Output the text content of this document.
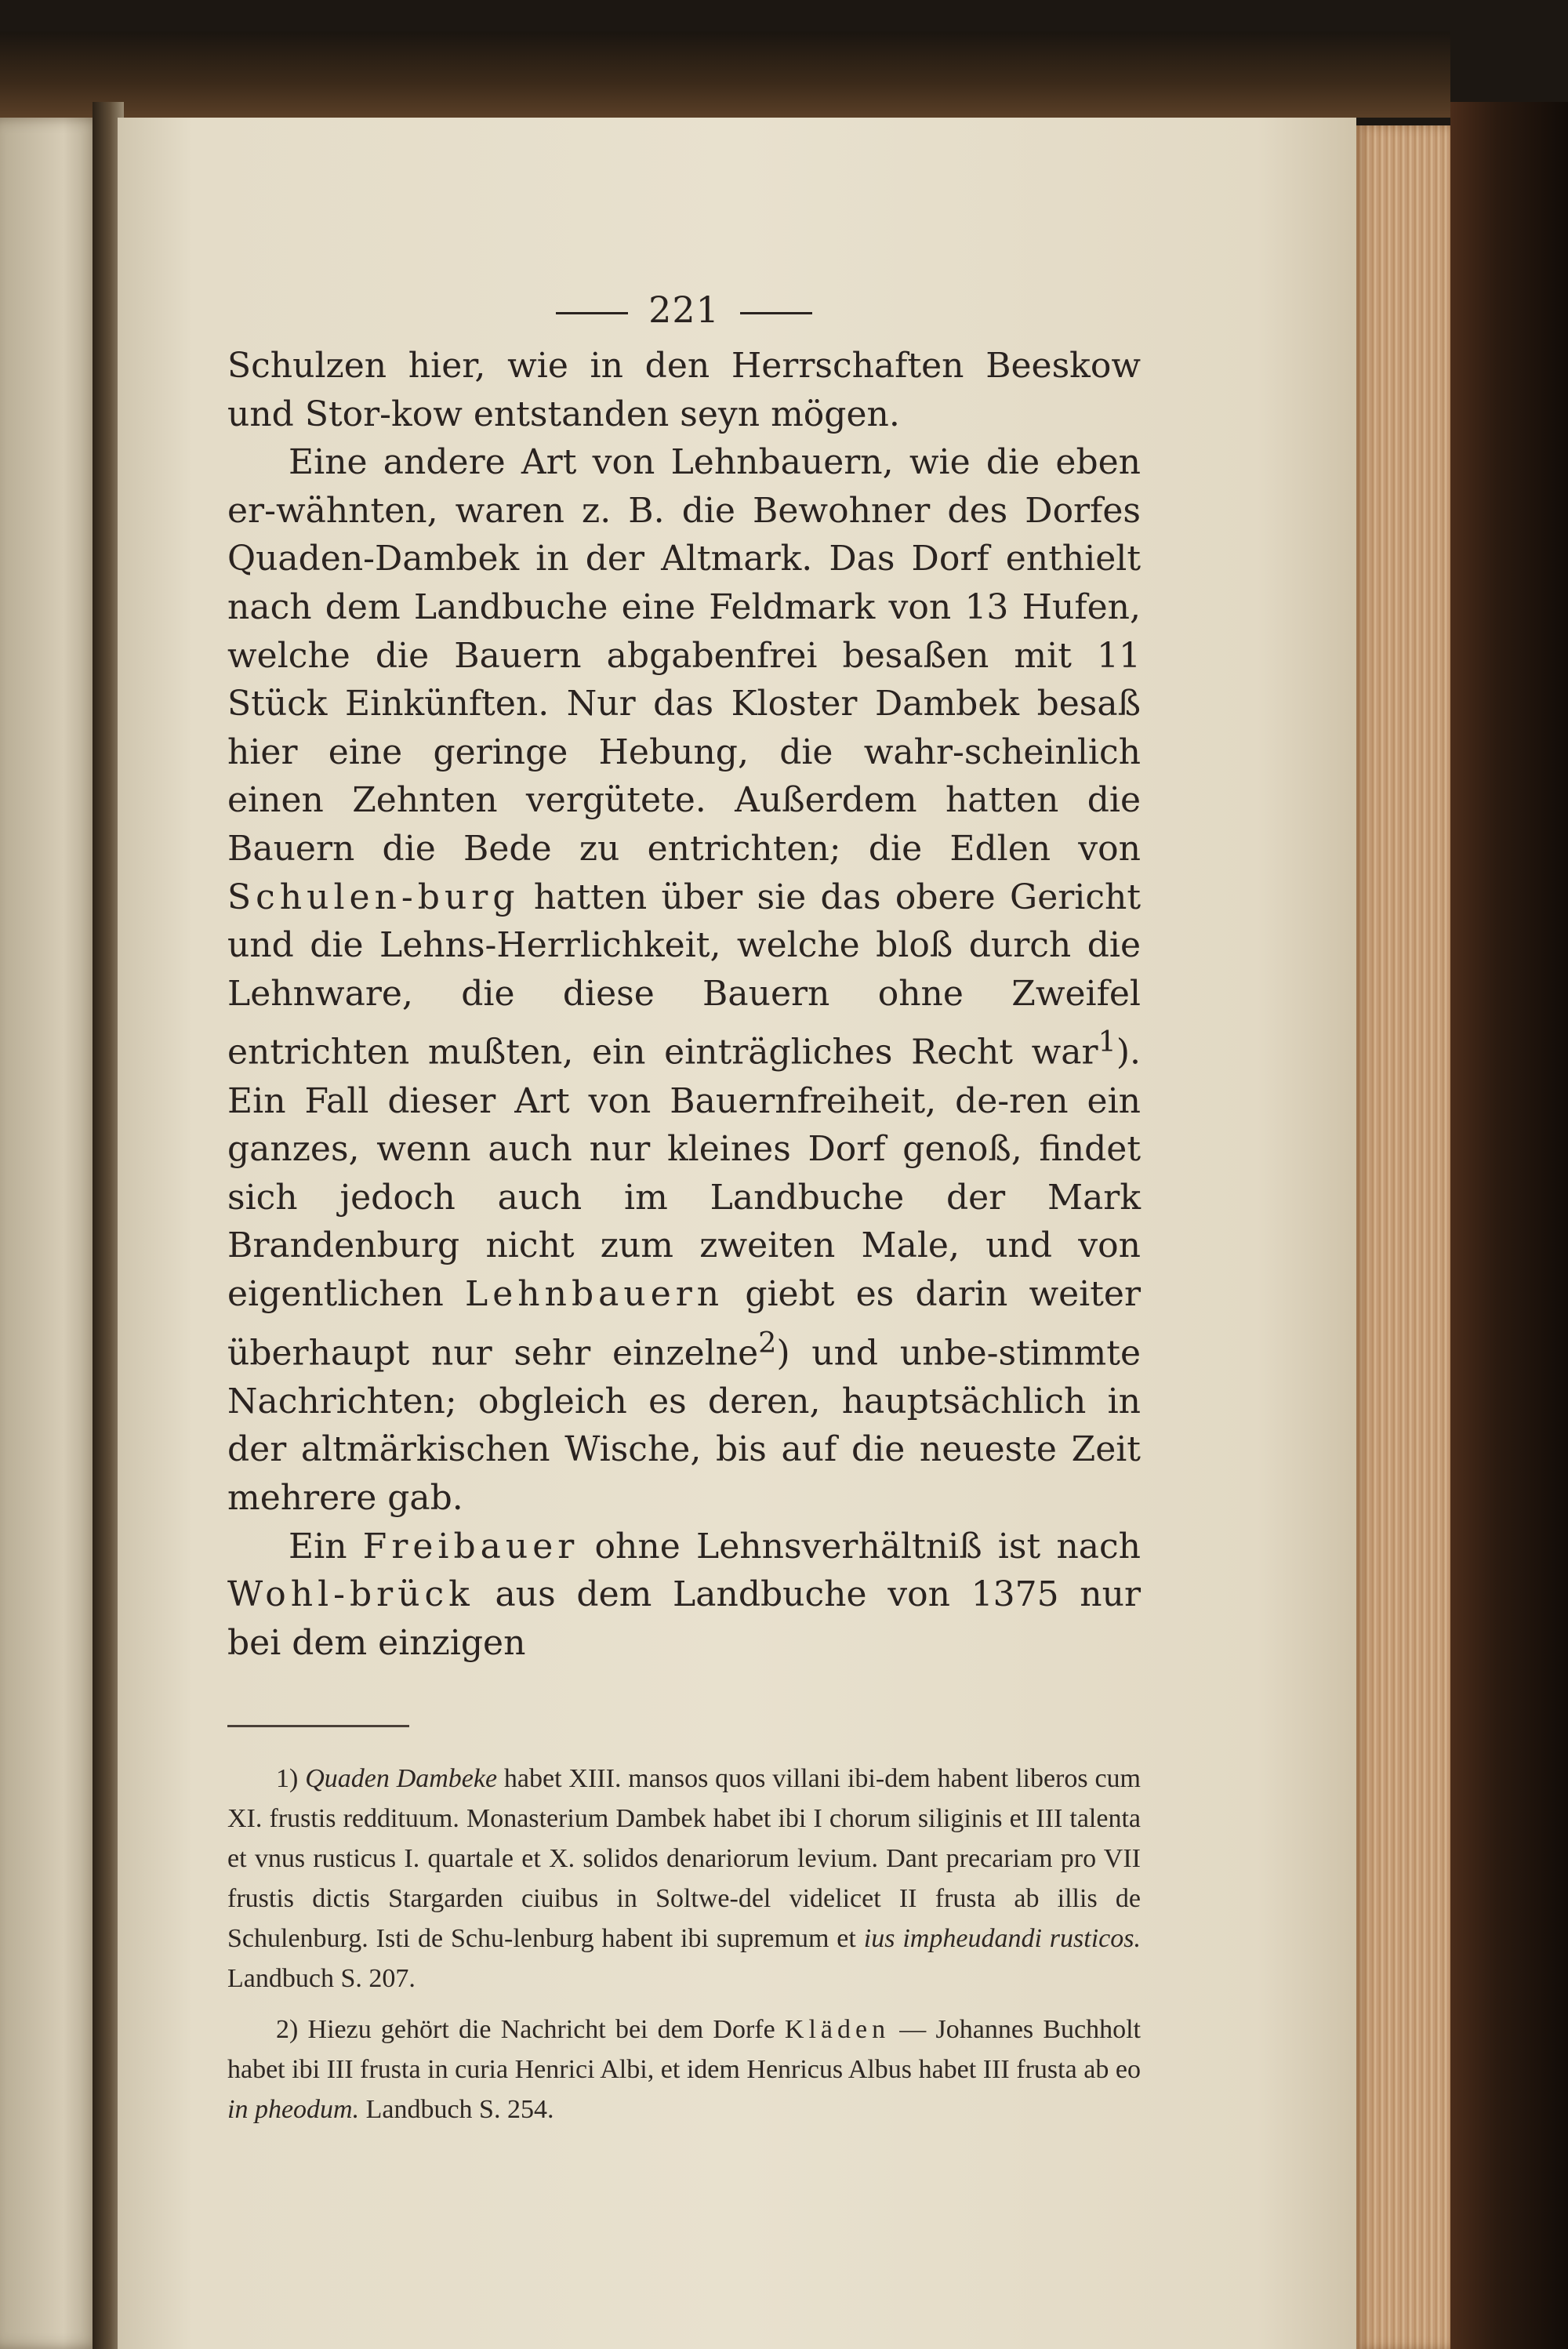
221

Schulzen hier, wie in den Herrschaften Beeskow und Stor-kow entstanden seyn mögen.

Eine andere Art von Lehnbauern, wie die eben er-wähnten, waren z. B. die Bewohner des Dorfes Quaden-Dambek in der Altmark. Das Dorf enthielt nach dem Landbuche eine Feldmark von 13 Hufen, welche die Bauern abgabenfrei besaßen mit 11 Stück Einkünften. Nur das Kloster Dambek besaß hier eine geringe Hebung, die wahr-scheinlich einen Zehnten vergütete. Außerdem hatten die Bauern die Bede zu entrichten; die Edlen von Schulen-burg hatten über sie das obere Gericht und die Lehns-Herrlichkeit, welche bloß durch die Lehnware, die diese Bauern ohne Zweifel entrichten mußten, ein einträgliches Recht war$^1$). Ein Fall dieser Art von Bauernfreiheit, de-ren ein ganzes, wenn auch nur kleines Dorf genoß, findet sich jedoch auch im Landbuche der Mark Brandenburg nicht zum zweiten Male, und von eigentlichen Lehnbauern giebt es darin weiter überhaupt nur sehr einzelne$^2$) und unbe-stimmte Nachrichten; obgleich es deren, hauptsächlich in der altmärkischen Wische, bis auf die neueste Zeit mehrere gab.

Ein Freibauer ohne Lehnsverhältniß ist nach Wohl-brück aus dem Landbuche von 1375 nur bei dem einzigen

1) Quaden Dambeke habet XIII. mansos quos villani ibi-dem habent liberos cum XI. frustis reddituum. Monasterium Dambek habet ibi I chorum siliginis et III talenta et vnus rusticus I. quartale et X. solidos denariorum levium. Dant precariam pro VII frustis dictis Stargarden ciuibus in Soltwe-del videlicet II frusta ab illis de Schulenburg. Isti de Schu-lenburg habent ibi supremum et ius impheudandi rusticos. Landbuch S. 207.

2) Hiezu gehört die Nachricht bei dem Dorfe Kläden — Johannes Buchholt habet ibi III frusta in curia Henrici Albi, et idem Henricus Albus habet III frusta ab eo in pheodum. Landbuch S. 254.
